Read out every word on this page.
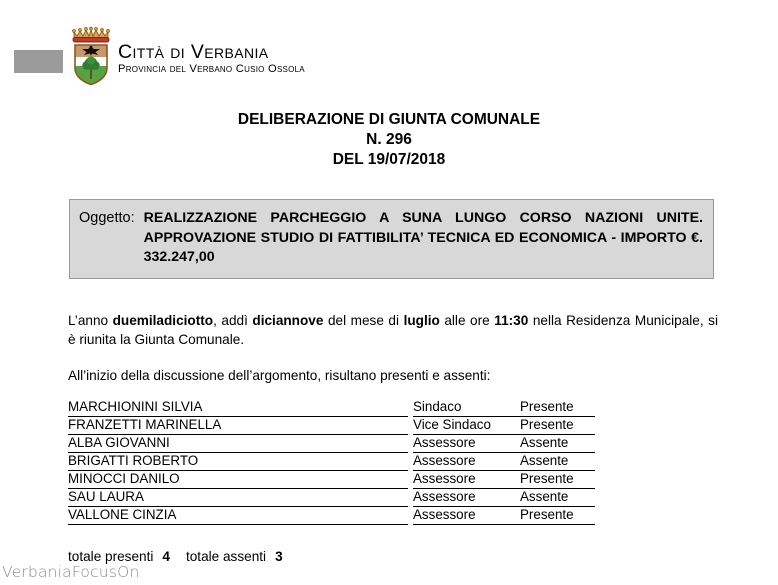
Città di Verbania
Provincia del Verbano Cusio Ossola
DELIBERAZIONE DI GIUNTA COMUNALE
N. 296
DEL 19/07/2018
Oggetto: REALIZZAZIONE PARCHEGGIO A SUNA LUNGO CORSO NAZIONI UNITE. APPROVAZIONE STUDIO DI FATTIBILITA’ TECNICA ED ECONOMICA - IMPORTO €. 332.247,00
L’anno duemiladiciotto, addì diciannove del mese di luglio alle ore 11:30 nella Residenza Municipale, si è riunita la Giunta Comunale.
All’inizio della discussione dell’argomento, risultano presenti e assenti:
MARCHIONINI SILVIA		Sindaco	Presente
FRANZETTI MARINELLA		Vice Sindaco	Presente
ALBA GIOVANNI		Assessore	Assente
BRIGATTI ROBERTO		Assessore	Assente
MINOCCI DANILO		Assessore	Presente
SAU LAURA		Assessore	Assente
VALLONE CINZIA		Assessore	Presente
totale presenti 4 totale assenti 3
VerbaniaFocusOn
